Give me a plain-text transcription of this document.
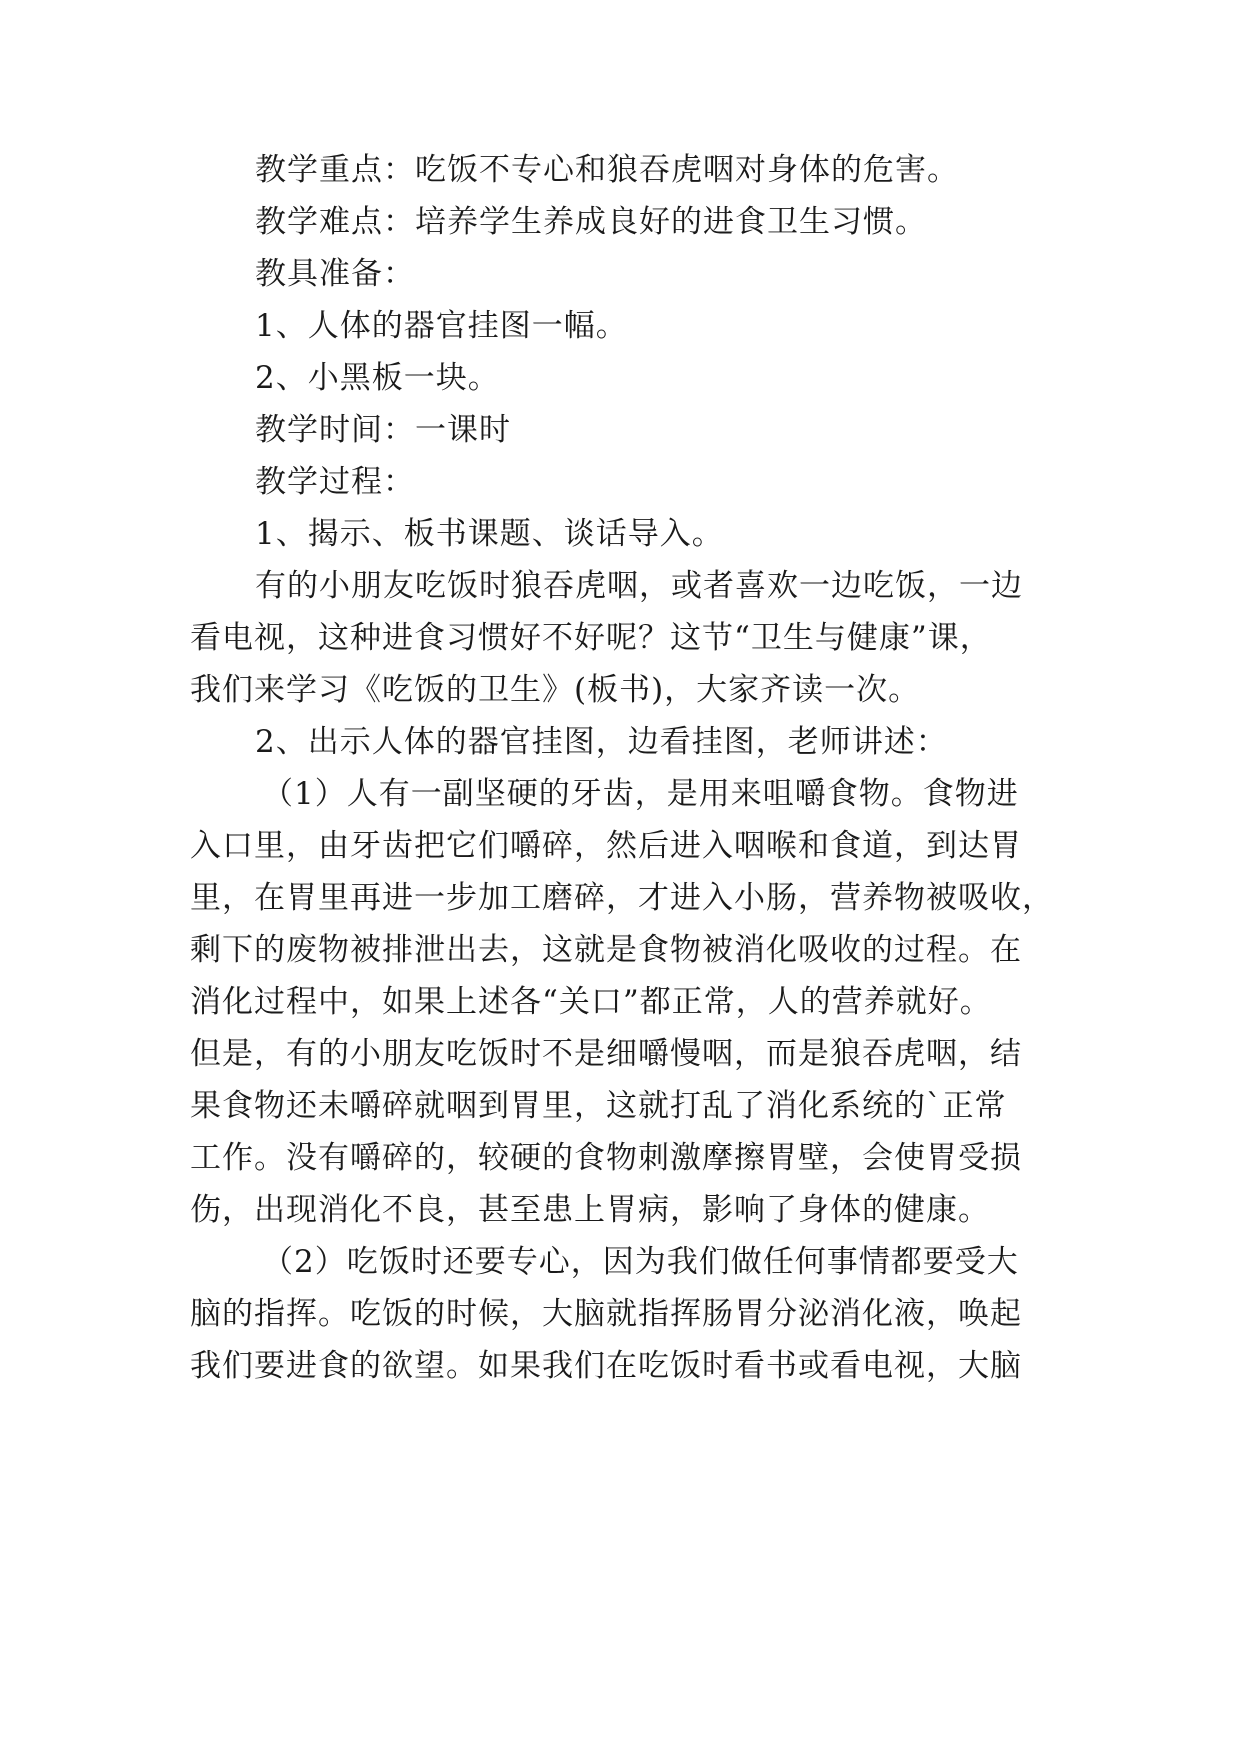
教学重点：吃饭不专心和狼吞虎咽对身体的危害。
教学难点：培养学生养成良好的进食卫生习惯。
教具准备：
1、人体的器官挂图一幅。
2、小黑板一块。
教学时间：一课时
教学过程：
1、揭示、板书课题、谈话导入。
有的小朋友吃饭时狼吞虎咽，或者喜欢一边吃饭，一边
看电视，这种进食习惯好不好呢？这节“卫生与健康”课，
我们来学习《吃饭的卫生》(板书)，大家齐读一次。
2、出示人体的器官挂图，边看挂图，老师讲述：
（1）人有一副坚硬的牙齿，是用来咀嚼食物。食物进
入口里，由牙齿把它们嚼碎，然后进入咽喉和食道，到达胃
里，在胃里再进一步加工磨碎，才进入小肠，营养物被吸收，
剩下的废物被排泄出去，这就是食物被消化吸收的过程。在
消化过程中，如果上述各“关口”都正常，人的营养就好。
但是，有的小朋友吃饭时不是细嚼慢咽，而是狼吞虎咽，结
果食物还未嚼碎就咽到胃里，这就打乱了消化系统的`正常
工作。没有嚼碎的，较硬的食物刺激摩擦胃壁，会使胃受损
伤，出现消化不良，甚至患上胃病，影响了身体的健康。
（2）吃饭时还要专心，因为我们做任何事情都要受大
脑的指挥。吃饭的时候，大脑就指挥肠胃分泌消化液，唤起
我们要进食的欲望。如果我们在吃饭时看书或看电视，大脑
